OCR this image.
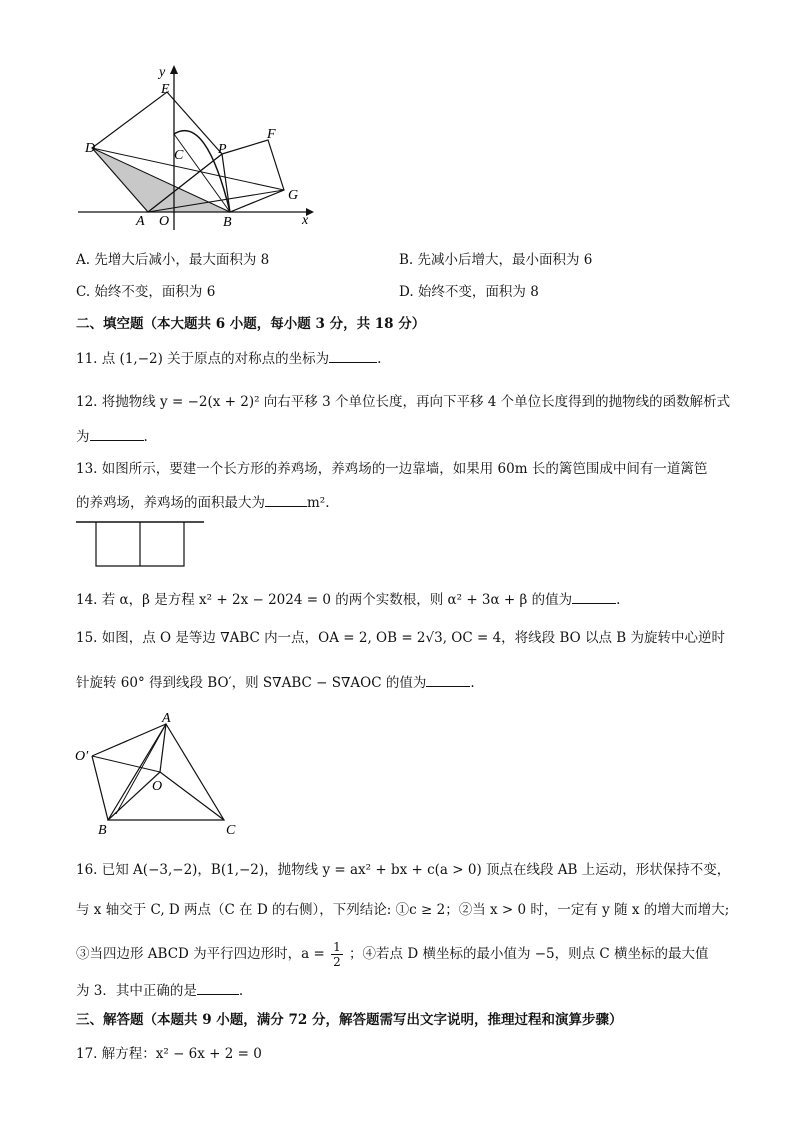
y
x
E
D	C P
F
G
A O	B
A. 先增大后减小，最大面积为 8	B. 先减小后增大，最小面积为 6
C. 始终不变，面积为 6	D. 始终不变，面积为 8
二、填空题（本大题共 6 小题，每小题 3 分，共 18 分）
11. 点 (1,−2) 关于原点的对称点的坐标为	.
12. 将抛物线 y = −2(x + 2)² 向右平移 3 个单位长度，再向下平移 4 个单位长度得到的抛物线的函数解析式
为	.
13. 如图所示，要建一个长方形的养鸡场，养鸡场的一边靠墙，如果用 60m 长的篱笆围成中间有一道篱笆
的养鸡场，养鸡场的面积最大为	m².
14. 若 α，β 是方程 x² + 2x − 2024 = 0 的两个实数根，则 α² + 3α + β 的值为	.
15. 如图，点 O 是等边 ∇ABC 内一点，OA = 2, OB = 2√3, OC = 4，将线段 BO 以点 B 为旋转中心逆时
针旋转 60° 得到线段 BO′，则 S∇ABC − S∇AOC 的值为	.
A
O′
O
B	C
16. 已知 A(−3,−2)，B(1,−2)，抛物线 y = ax² + bx + c(a > 0) 顶点在线段 AB 上运动，形状保持不变，
与 x 轴交于 C, D 两点（C 在 D 的右侧），下列结论: ①c ≥ 2；②当 x > 0 时，一定有 y 随 x 的增大而增大;
③当四边形 ABCD 为平行四边形时，$a = \frac{1}{2}$ ；④若点 D 横坐标的最小值为 −5，则点 C 横坐标的最大值
为 3．其中正确的是	.
三、解答题（本题共 9 小题，满分 72 分，解答题需写出文字说明，推理过程和演算步骤）
17. 解方程：x² − 6x + 2 = 0
